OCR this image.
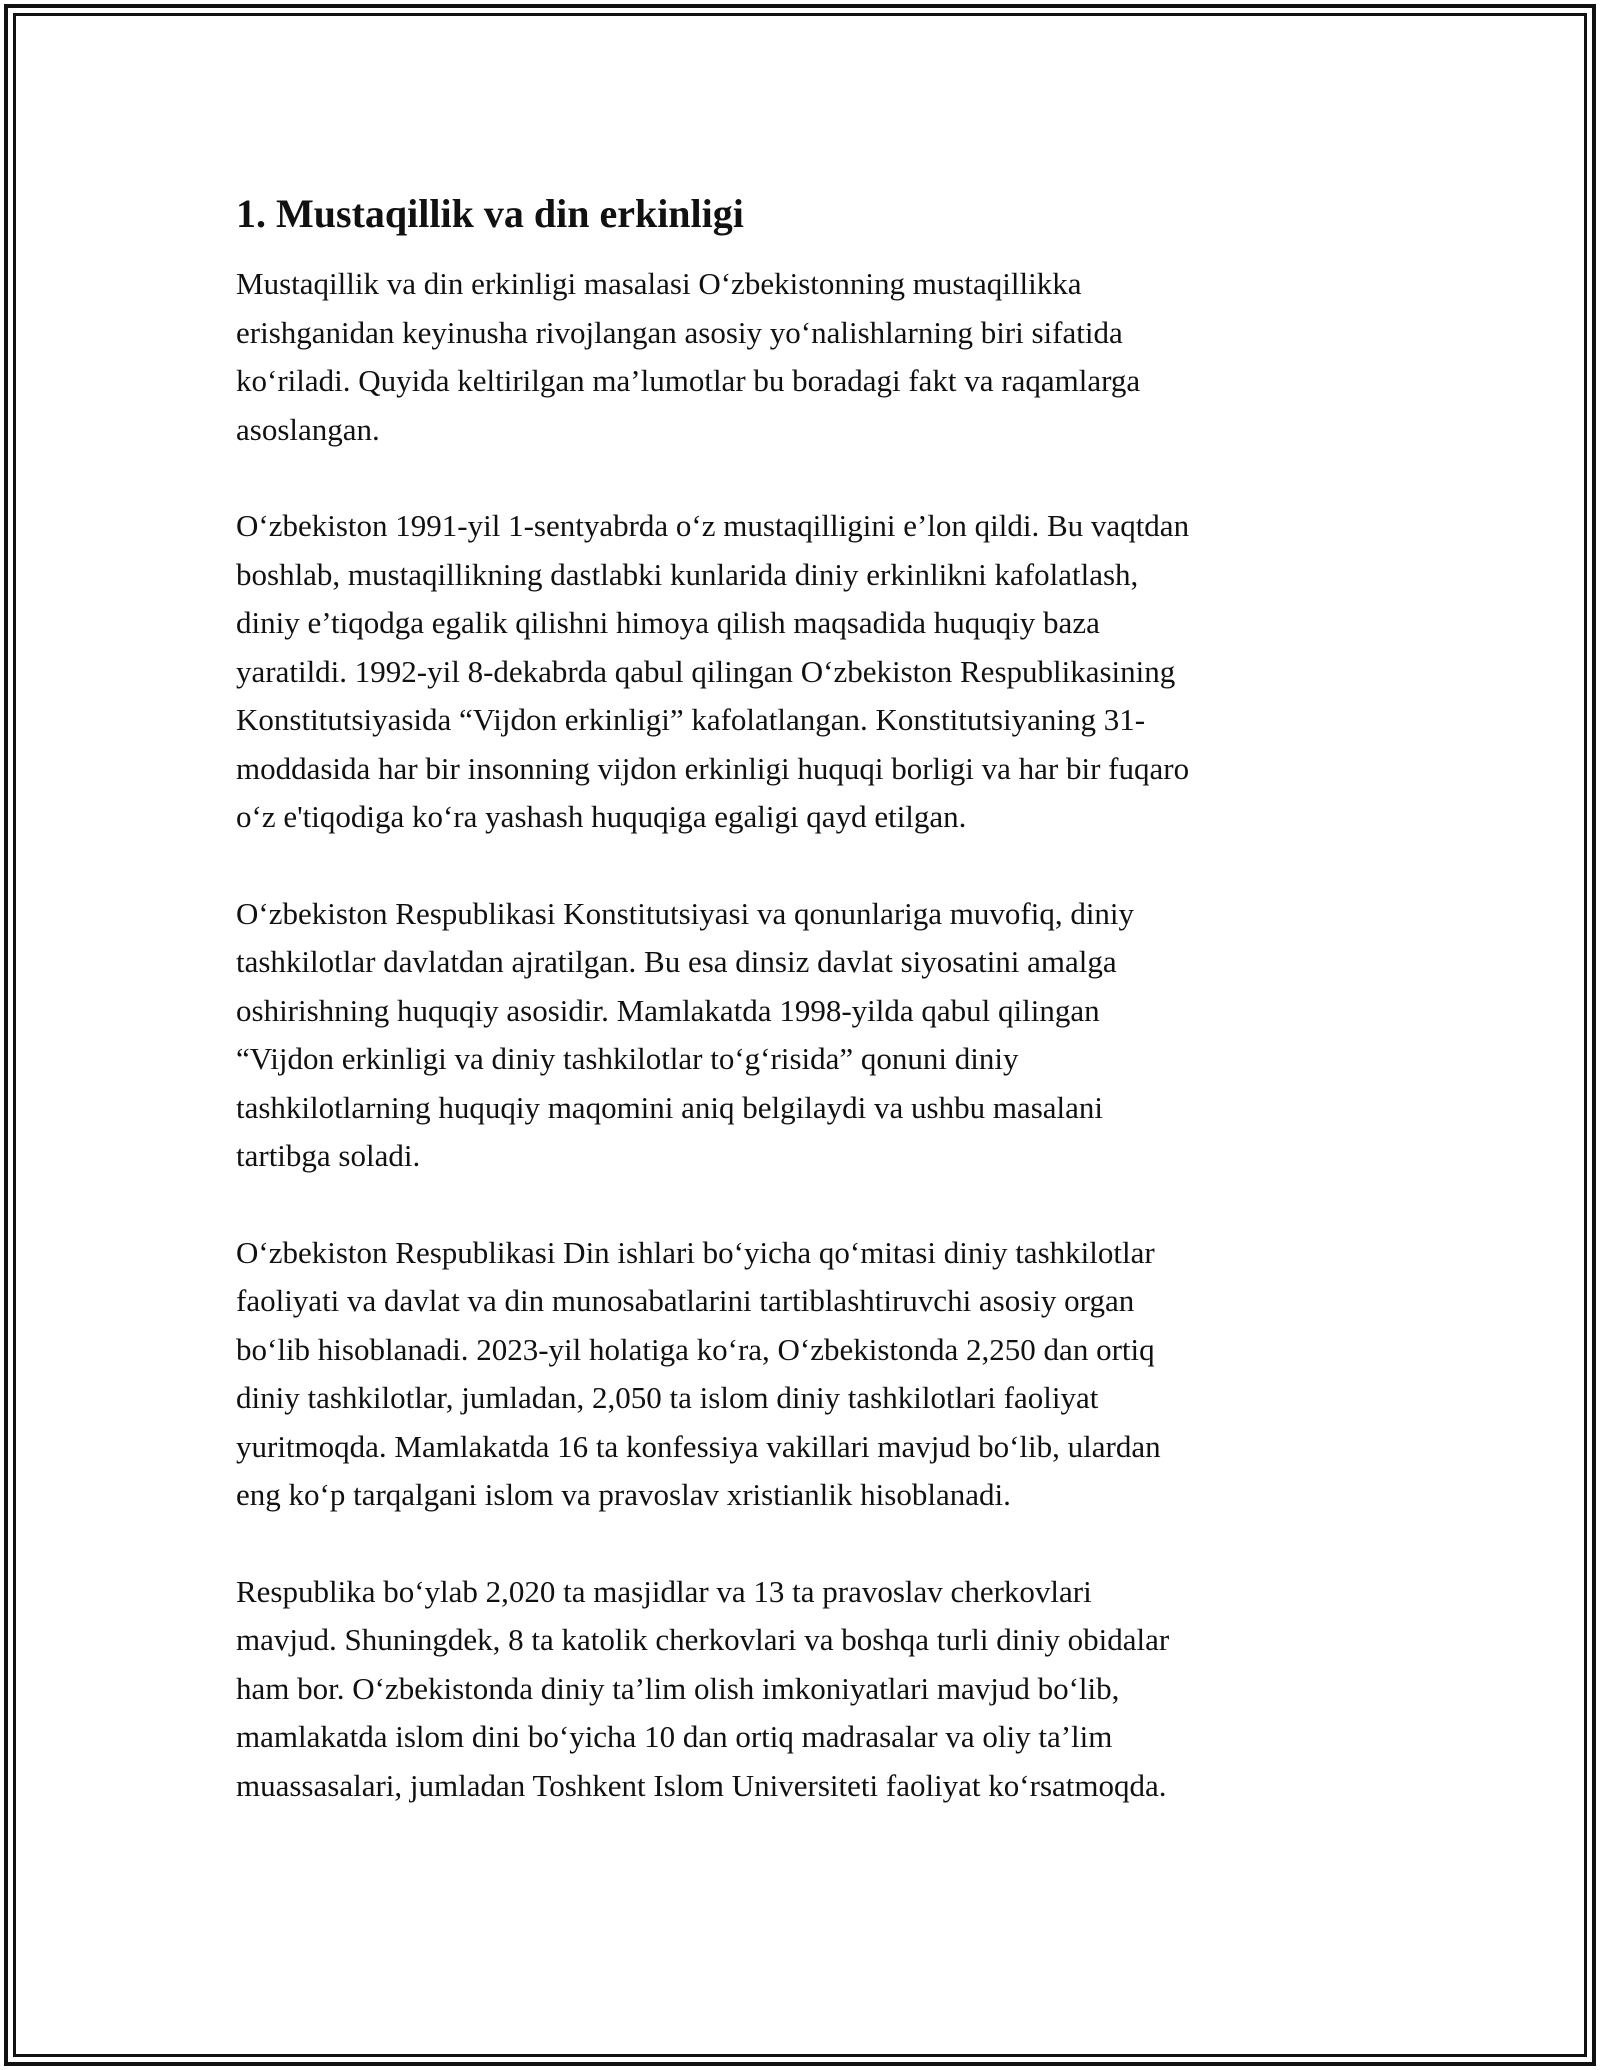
1. Mustaqillik va din erkinligi

Mustaqillik va din erkinligi masalasi O‘zbekistonning mustaqillikka
erishganidan keyinusha rivojlangan asosiy yo‘nalishlarning biri sifatida
ko‘riladi. Quyida keltirilgan ma’lumotlar bu boradagi fakt va raqamlarga
asoslangan.

O‘zbekiston 1991-yil 1-sentyabrda o‘z mustaqilligini e’lon qildi. Bu vaqtdan
boshlab, mustaqillikning dastlabki kunlarida diniy erkinlikni kafolatlash,
diniy e’tiqodga egalik qilishni himoya qilish maqsadida huquqiy baza
yaratildi. 1992-yil 8-dekabrda qabul qilingan O‘zbekiston Respublikasining
Konstitutsiyasida “Vijdon erkinligi” kafolatlangan. Konstitutsiyaning 31-
moddasida har bir insonning vijdon erkinligi huquqi borligi va har bir fuqaro
o‘z e'tiqodiga ko‘ra yashash huquqiga egaligi qayd etilgan.

O‘zbekiston Respublikasi Konstitutsiyasi va qonunlariga muvofiq, diniy
tashkilotlar davlatdan ajratilgan. Bu esa dinsiz davlat siyosatini amalga
oshirishning huquqiy asosidir. Mamlakatda 1998-yilda qabul qilingan
“Vijdon erkinligi va diniy tashkilotlar to‘g‘risida” qonuni diniy
tashkilotlarning huquqiy maqomini aniq belgilaydi va ushbu masalani
tartibga soladi.

O‘zbekiston Respublikasi Din ishlari bo‘yicha qo‘mitasi diniy tashkilotlar
faoliyati va davlat va din munosabatlarini tartiblashtiruvchi asosiy organ
bo‘lib hisoblanadi. 2023-yil holatiga ko‘ra, O‘zbekistonda 2,250 dan ortiq
diniy tashkilotlar, jumladan, 2,050 ta islom diniy tashkilotlari faoliyat
yuritmoqda. Mamlakatda 16 ta konfessiya vakillari mavjud bo‘lib, ulardan
eng ko‘p tarqalgani islom va pravoslav xristianlik hisoblanadi.

Respublika bo‘ylab 2,020 ta masjidlar va 13 ta pravoslav cherkovlari
mavjud. Shuningdek, 8 ta katolik cherkovlari va boshqa turli diniy obidalar
ham bor. O‘zbekistonda diniy ta’lim olish imkoniyatlari mavjud bo‘lib,
mamlakatda islom dini bo‘yicha 10 dan ortiq madrasalar va oliy ta’lim
muassasalari, jumladan Toshkent Islom Universiteti faoliyat ko‘rsatmoqda.
